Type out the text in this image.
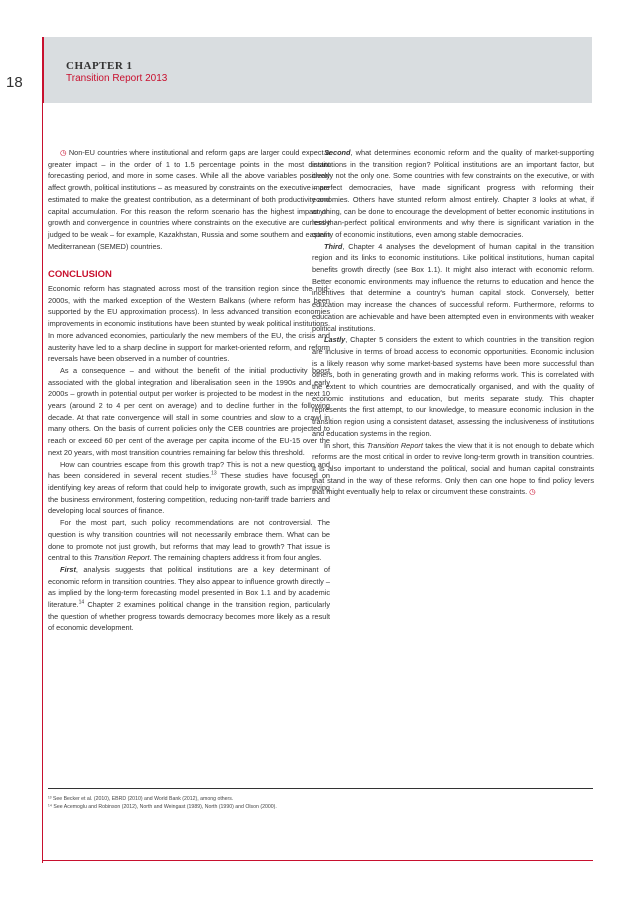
18
CHAPTER 1
Transition Report 2013

◷ Non-EU countries where institutional and reform gaps are larger could expect a greater impact – in the order of 1 to 1.5 percentage points in the most distant forecasting period, and more in some cases. While all the above variables positively affect growth, political institutions – as measured by constraints on the executive – are estimated to make the greatest contribution, as a determinant of both productivity and capital accumulation. For this reason the reform scenario has the highest impact on growth and convergence in countries where constraints on the executive are currently judged to be weak – for example, Kazakhstan, Russia and some southern and eastern Mediterranean (SEMED) countries.

CONCLUSION

Economic reform has stagnated across most of the transition region since the mid-2000s, with the marked exception of the Western Balkans (where reform has been supported by the EU approximation process). In less advanced transition economies improvements in economic institutions have been stunted by weak political institutions. In more advanced economies, particularly the new members of the EU, the crisis and austerity have led to a sharp decline in support for market-oriented reform, and reform reversals have been observed in a number of countries.

As a consequence – and without the benefit of the initial productivity boost associated with the global integration and liberalisation seen in the 1990s and early 2000s – growth in potential output per worker is projected to be modest in the next 10 years (around 2 to 4 per cent on average) and to decline further in the following decade. At that rate convergence will stall in some countries and slow to a crawl in many others. On the basis of current policies only the CEB countries are projected to reach or exceed 60 per cent of the average per capita income of the EU-15 over the next 20 years, with most transition countries remaining far below this threshold.

How can countries escape from this growth trap? This is not a new question and has been considered in several recent studies.$^{13}$ These studies have focused on identifying key areas of reform that could help to invigorate growth, such as improving the business environment, fostering competition, reducing non-tariff trade barriers and developing local sources of finance.

For the most part, such policy recommendations are not controversial. The question is why transition countries will not necessarily embrace them. What can be done to promote not just growth, but reforms that may lead to growth? That issue is central to this Transition Report. The remaining chapters address it from four angles.

First, analysis suggests that political institutions are a key determinant of economic reform in transition countries. They also appear to influence growth directly – as implied by the long-term forecasting model presented in Box 1.1 and by academic literature.$^{14}$ Chapter 2 examines political change in the transition region, particularly the question of whether progress towards democracy becomes more likely as a result of economic development.

Second, what determines economic reform and the quality of market-supporting institutions in the transition region? Political institutions are an important factor, but clearly not the only one. Some countries with few constraints on the executive, or with imperfect democracies, have made significant progress with reforming their economies. Others have stunted reform almost entirely. Chapter 3 looks at what, if anything, can be done to encourage the development of better economic institutions in less-than-perfect political environments and why there is significant variation in the quality of economic institutions, even among stable democracies.

Third, Chapter 4 analyses the development of human capital in the transition region and its links to economic institutions. Like political institutions, human capital benefits growth directly (see Box 1.1). It might also interact with economic reform. Better economic environments may influence the returns to education and hence the incentives that determine a country's human capital stock. Conversely, better education may increase the chances of successful reform. Furthermore, reforms to education are achievable and have been attempted even in environments with weaker political institutions.

Lastly, Chapter 5 considers the extent to which countries in the transition region are inclusive in terms of broad access to economic opportunities. Economic inclusion is a likely reason why some market-based systems have been more successful than others, both in generating growth and in making reforms work. This is correlated with the extent to which countries are democratically organised, and with the quality of economic institutions and education, but merits separate study. This chapter represents the first attempt, to our knowledge, to measure economic inclusion in the transition region using a consistent dataset, assessing the inclusiveness of institutions and education systems in the region.

In short, this Transition Report takes the view that it is not enough to debate which reforms are the most critical in order to revive long-term growth in transition countries. It is also important to understand the political, social and human capital constraints that stand in the way of these reforms. Only then can one hope to find policy levers that might eventually help to relax or circumvent these constraints. ◷

¹³ See Becker et al. (2010), EBRD (2010) and World Bank (2012), among others.

¹⁴ See Acemoglu and Robinson (2012), North and Weingast (1989), North (1990) and Olson (2000).
